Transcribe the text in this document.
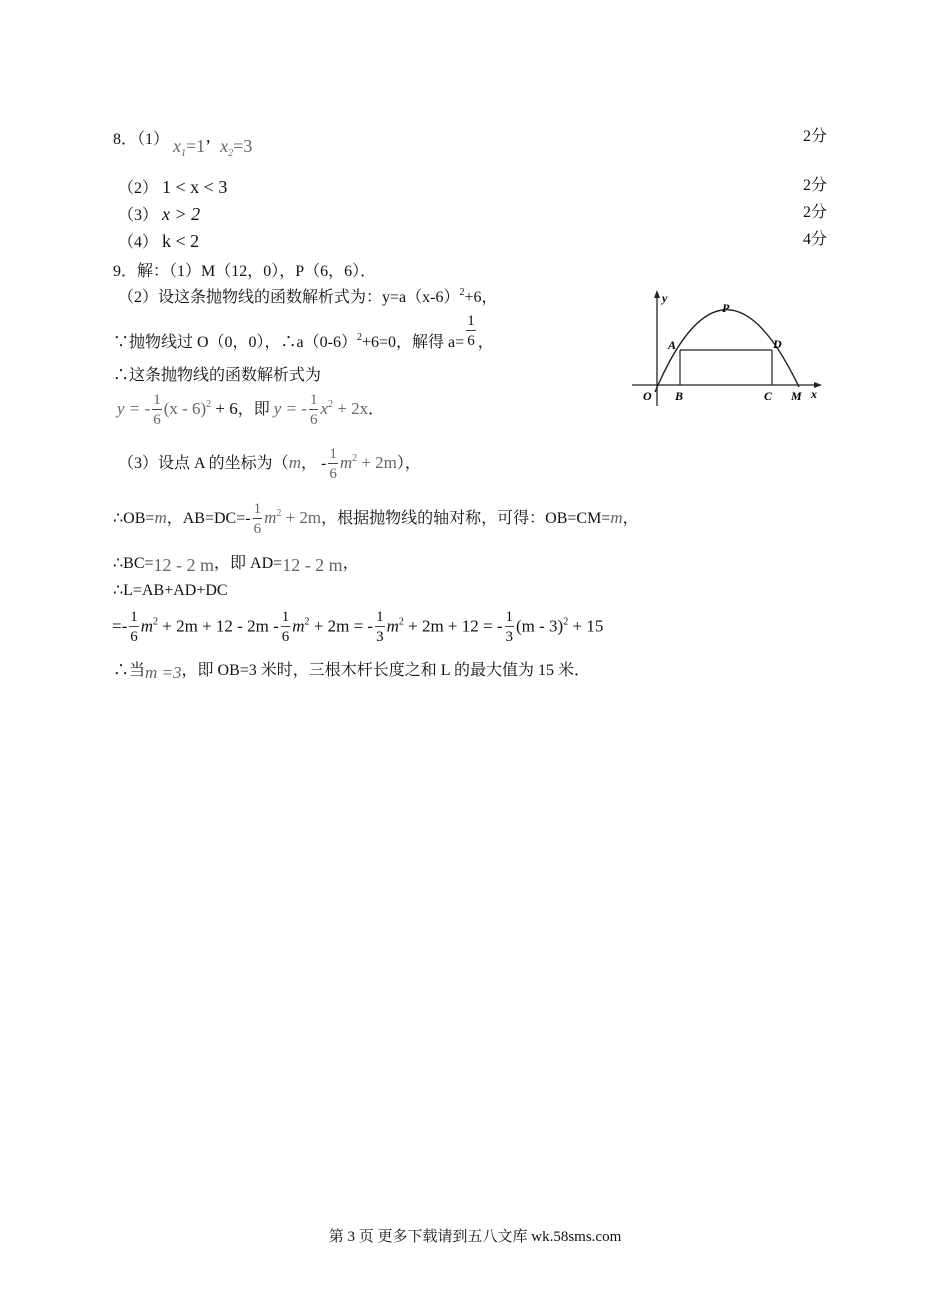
8．（1） $x_1=1$’ $x_2=3$	2分
（2） 1 < x < 3	2分
（3） x > 2	2分
（4） k < 2	4分
9．解：（1）M（12，0），P（6，6）．
（2）设这条抛物线的函数解析式为：$y=a(x-6)^2+6$，
∵抛物线过 O（0，0），$\therefore a(0-6)^2+6=0$，解得 $a= \frac{1}{6}$ ，
∴这条抛物线的函数解析式为
y = - $\frac{1}{6} (x - 6)^2 + 6$，即 y = - $\frac{1}{6} x^2 + 2x$．
（3）设点 A 的坐标为（m， - $\frac{1}{6} m^2 + 2m$），
∴OB=m，$AB=DC=- \frac{1}{6} m^2 + 2m$，根据抛物线的轴对称，可得：OB=CM=m，
∴BC=12 - 2 m，即 AD=12 - 2 m，
∴L=AB+AD+DC
=- $\frac{1}{6} m^2 + 2m + 12 - 2m - \frac{1}{6} m^2 + 2m$ = - $\frac{1}{3} m^2 + 2m + 12$ = - $\frac{1}{3} (m - 3)^2 + 15$
∴当m =3，即 OB=3 米时，三根木杆长度之和 L 的最大值为 15 米．
y
P
A	D
O B	C M x
第 3 页 更多下载请到五八文库 wk.58sms.com
